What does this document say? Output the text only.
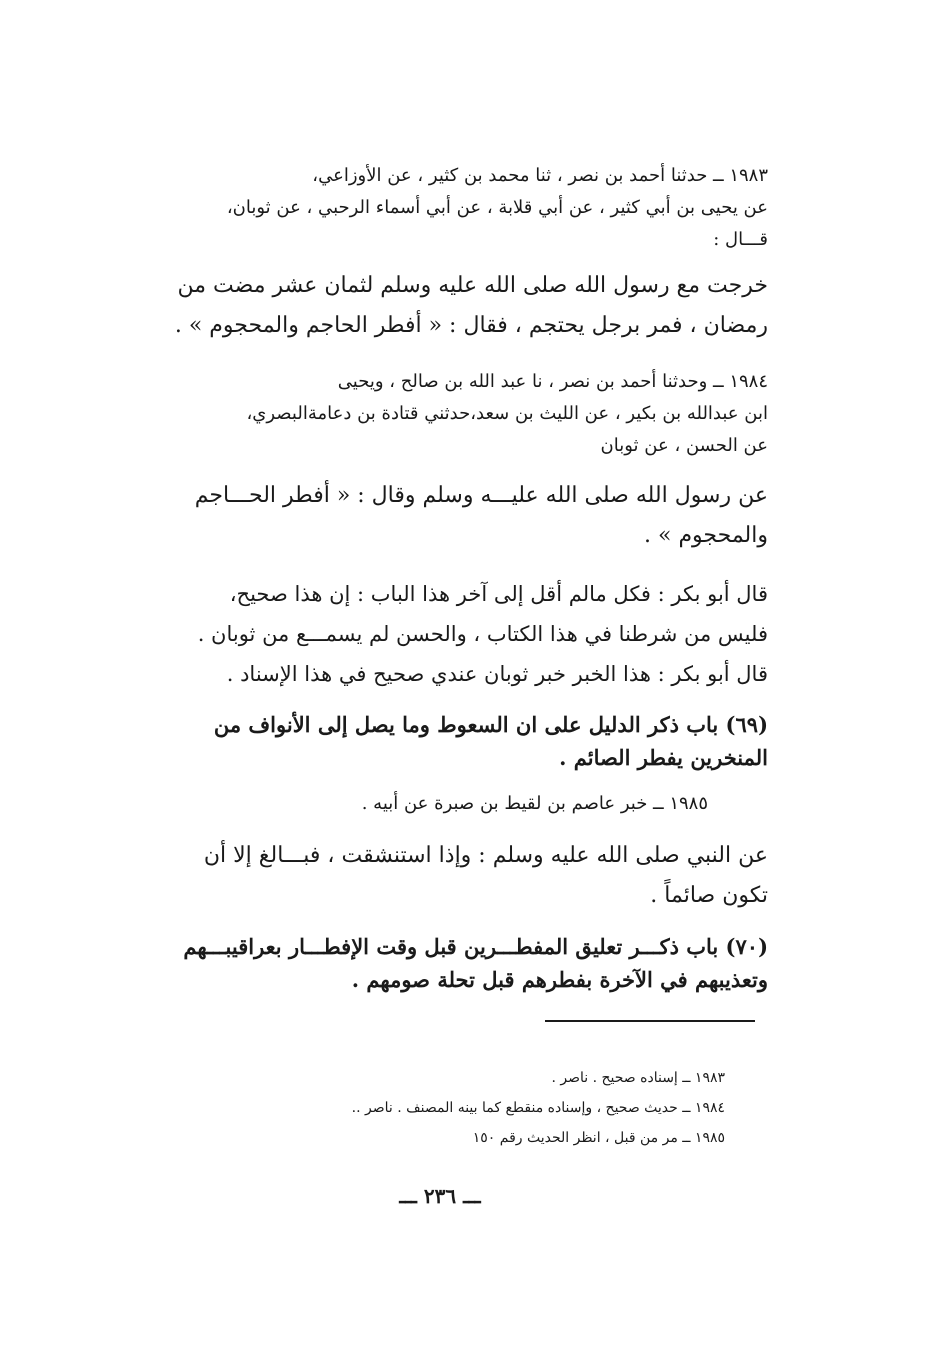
١٩٨٣ ــ حدثنا أحمد بن نصر ، ثنا محمد بن كثير ، عن الأوزاعي،
عن يحيى بن أبي كثير ، عن أبي قلابة ، عن أبي أسماء الرحبي ، عن ثوبان،
قـــال :
خرجت مع رسول الله صلى الله عليه وسلم لثمان عشر مضت من
رمضان ، فمر برجل يحتجم ، فقال : « أفطر الحاجم والمحجوم » .
١٩٨٤ ــ وحدثنا أحمد بن نصر ، نا عبد الله بن صالح ، ويحيى
ابن عبدالله بن بكير ، عن الليث بن سعد،حدثني قتادة بن دعامةالبصري،
عن الحسن ، عن ثوبان
عن رسول الله صلى الله عليـــه وسلم وقال : « أفطر الحـــاجم
والمحجوم » .
قال أبو بكر : فكل مالم أقل إلى آخر هذا الباب : إن هذا صحيح،
فليس من شرطنا في هذا الكتاب ، والحسن لم يسمـــع من ثوبان .
قال أبو بكر : هذا الخبر خبر ثوبان عندي صحيح في هذا الإسناد .
(٦٩) باب ذكر الدليل على ان السعوط وما يصل إلى الأنواف من
المنخرين يفطر الصائم .
١٩٨٥ ــ خبر عاصم بن لقيط بن صبرة عن أبيه .
عن النبي صلى الله عليه وسلم : وإذا استنشقت ، فبـــالغ إلا أن
تكون صائماً .
(٧٠) باب ذكـــر تعليق المفطـــرين قبل وقت الإفطـــار بعراقيبـــهم
وتعذيبهم في الآخرة بفطرهم قبل تحلة صومهم .
١٩٨٣ ــ إسناده صحيح . ناصر .
١٩٨٤ ــ حديث صحيح ، وإسناده منقطع كما بينه المصنف . ناصر ..
١٩٨٥ ــ مر من قبل ، انظر الحديث رقم ١٥٠
ـــ ٢٣٦ ـــ
